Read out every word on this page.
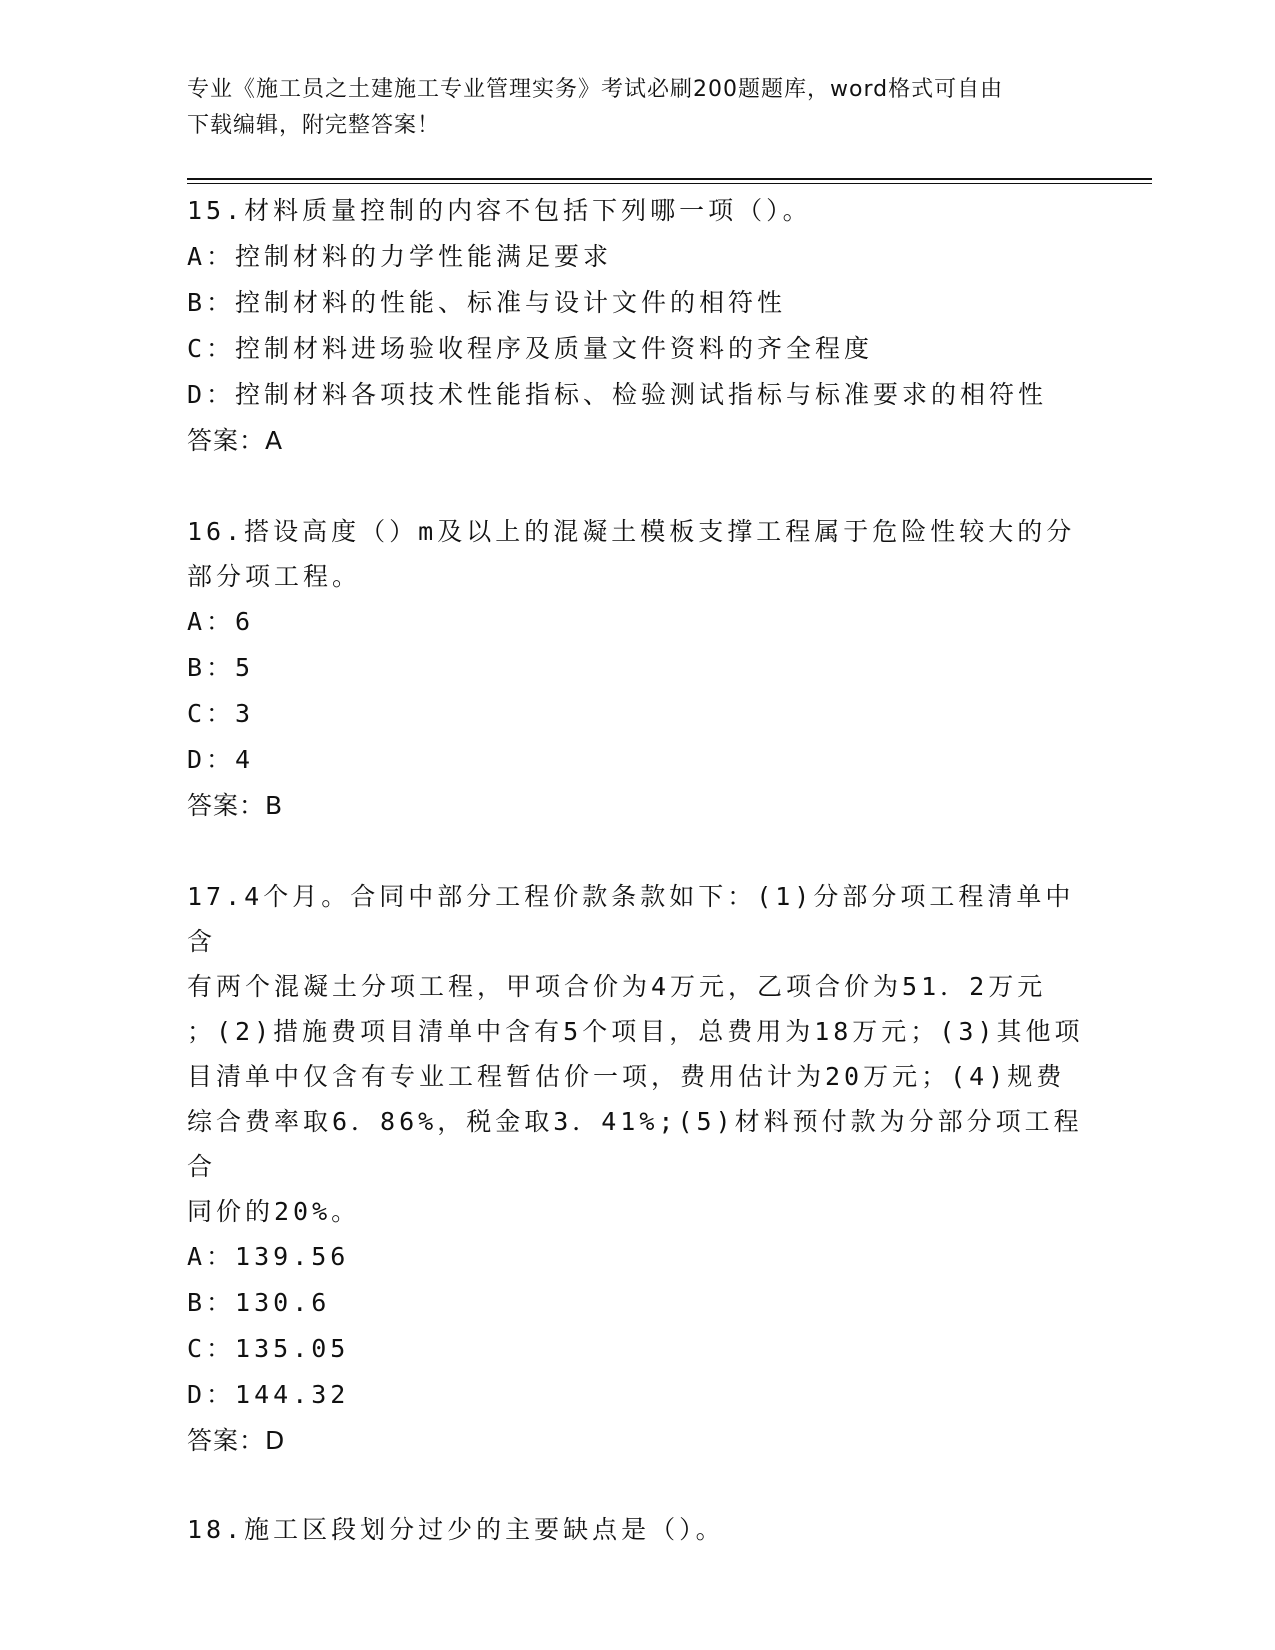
专业《施工员之土建施工专业管理实务》考试必刷200题题库，word格式可自由
下载编辑，附完整答案！
15.材料质量控制的内容不包括下列哪一项（）。
A：控制材料的力学性能满足要求
B：控制材料的性能、标准与设计文件的相符性
C：控制材料进场验收程序及质量文件资料的齐全程度
D：控制材料各项技术性能指标、检验测试指标与标准要求的相符性
答案：A
16.搭设高度（）m及以上的混凝土模板支撑工程属于危险性较大的分
部分项工程。
A：6
B：5
C：3
D：4
答案：B
17.4个月。合同中部分工程价款条款如下：(1)分部分项工程清单中含
有两个混凝土分项工程，甲项合价为4万元，乙项合价为51．2万元
；(2)措施费项目清单中含有5个项目，总费用为18万元；(3)其他项
目清单中仅含有专业工程暂估价一项，费用估计为20万元；(4)规费
综合费率取6．86%，税金取3．41%;(5)材料预付款为分部分项工程合
同价的20%。
A：139.56
B：130.6
C：135.05
D：144.32
答案：D
18.施工区段划分过少的主要缺点是（）。
